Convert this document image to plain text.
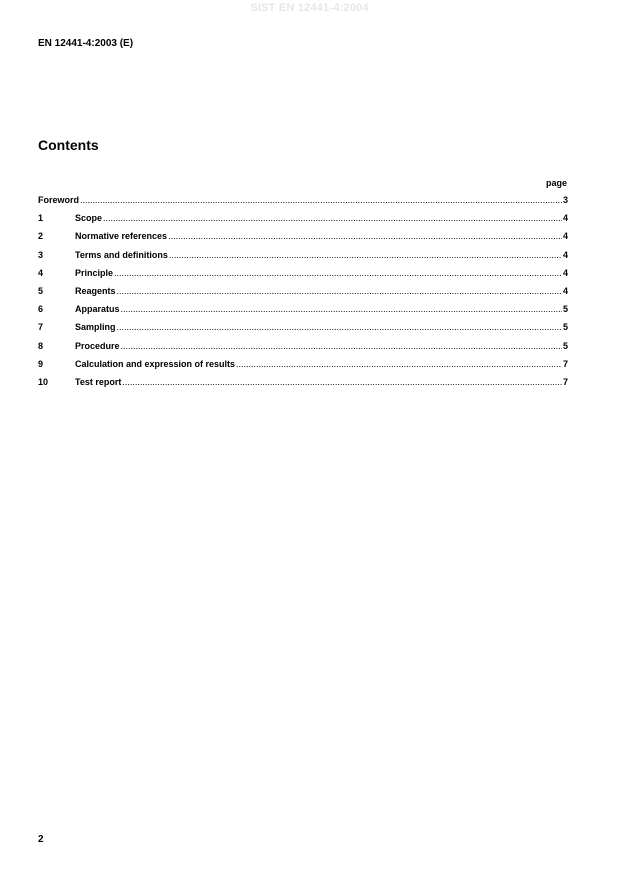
SIST EN 12441-4:2004
EN 12441-4:2003 (E)
Contents
page
Foreword .....	3
1	Scope .....	4
2	Normative references .....	4
3	Terms and definitions .....	4
4	Principle .....	4
5	Reagents .....	4
6	Apparatus .....	5
7	Sampling .....	5
8	Procedure .....	5
9	Calculation and expression of results .....	7
10	Test report .....	7
2
